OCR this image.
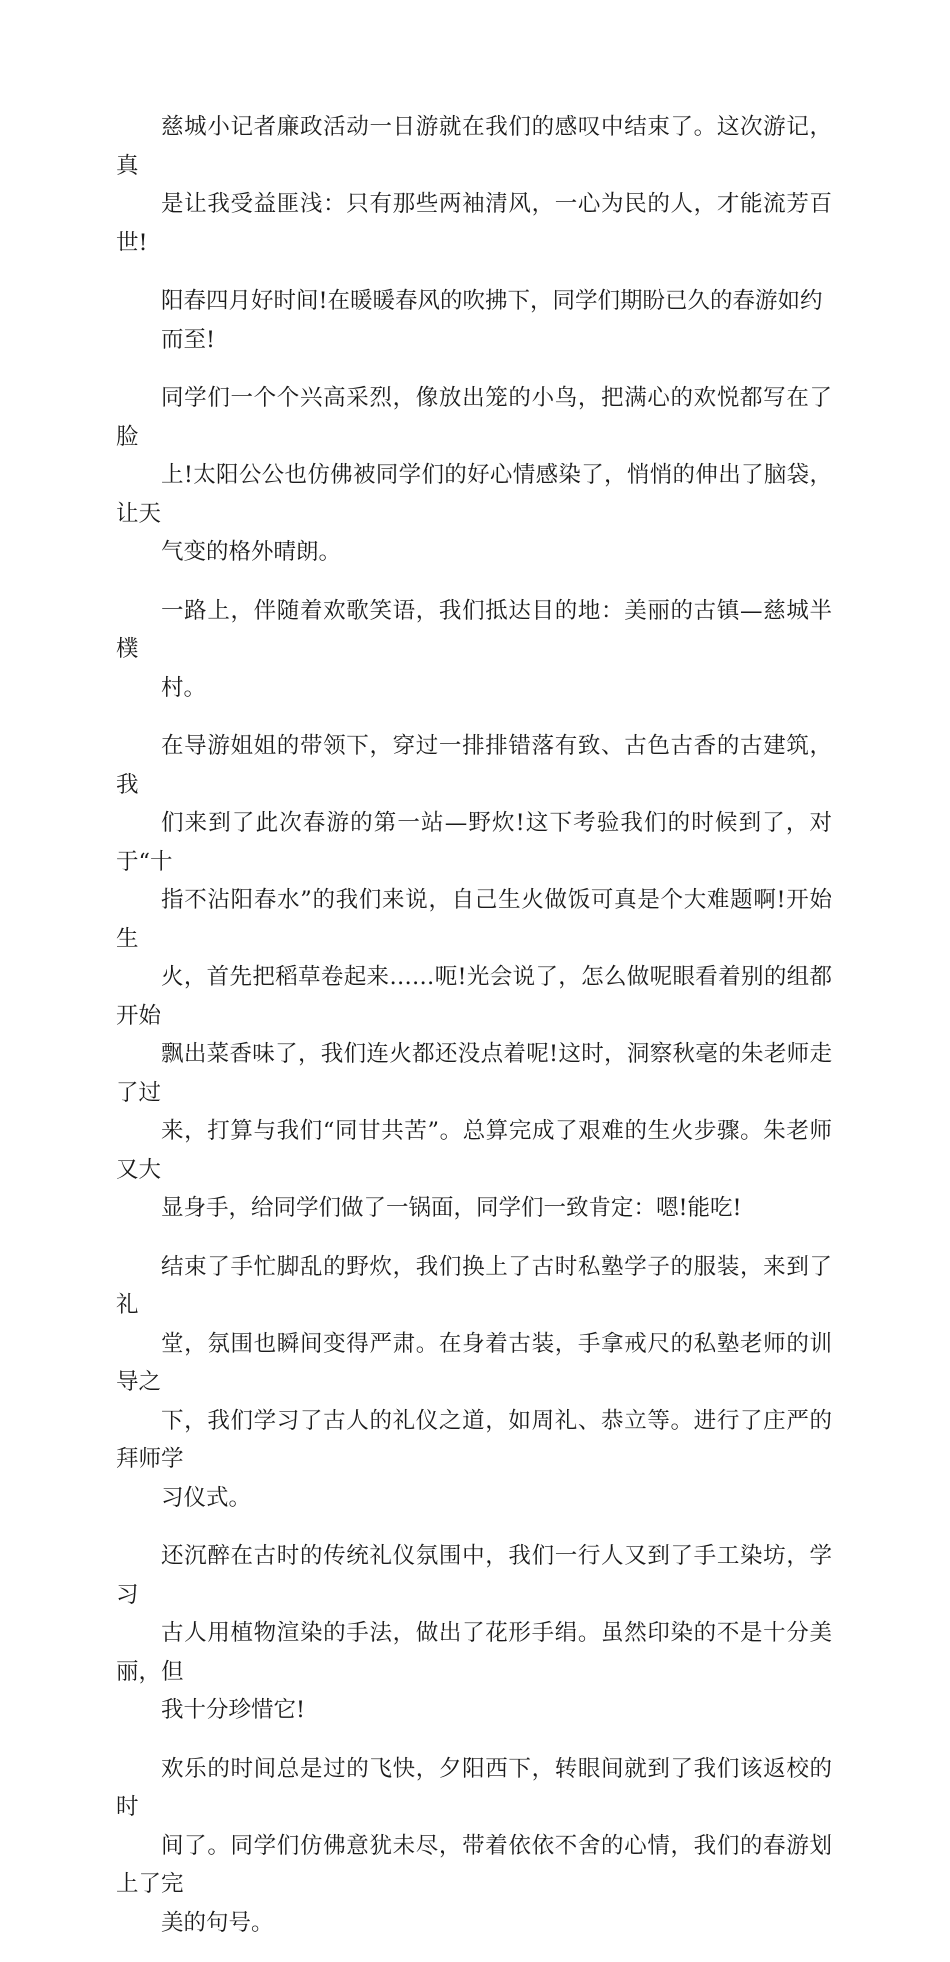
慈城小记者廉政活动一日游就在我们的感叹中结束了。这次游记，真
是让我受益匪浅：只有那些两袖清风，一心为民的人，才能流芳百世!

阳春四月好时间!在暖暖春风的吹拂下，同学们期盼已久的春游如约
而至!

同学们一个个兴高采烈，像放出笼的小鸟，把满心的欢悦都写在了脸
上!太阳公公也仿佛被同学们的好心情感染了，悄悄的伸出了脑袋，让天
气变的格外晴朗。

一路上，伴随着欢歌笑语，我们抵达目的地：美丽的古镇—慈城半樸
村。

在导游姐姐的带领下，穿过一排排错落有致、古色古香的古建筑，我
们来到了此次春游的第一站—野炊!这下考验我们的时候到了，对于“十
指不沾阳春水”的我们来说，自己生火做饭可真是个大难题啊!开始生
火，首先把稻草卷起来……呃!光会说了，怎么做呢眼看着别的组都开始
飘出菜香味了，我们连火都还没点着呢!这时，洞察秋毫的朱老师走了过
来，打算与我们“同甘共苦”。总算完成了艰难的生火步骤。朱老师又大
显身手，给同学们做了一锅面，同学们一致肯定：嗯!能吃!

结束了手忙脚乱的野炊，我们换上了古时私塾学子的服装，来到了礼
堂，氛围也瞬间变得严肃。在身着古装，手拿戒尺的私塾老师的训导之
下，我们学习了古人的礼仪之道，如周礼、恭立等。进行了庄严的拜师学
习仪式。

还沉醉在古时的传统礼仪氛围中，我们一行人又到了手工染坊，学习
古人用植物渲染的手法，做出了花形手绢。虽然印染的不是十分美丽，但
我十分珍惜它!

欢乐的时间总是过的飞快，夕阳西下，转眼间就到了我们该返校的时
间了。同学们仿佛意犹未尽，带着依依不舍的心情，我们的春游划上了完
美的句号。
